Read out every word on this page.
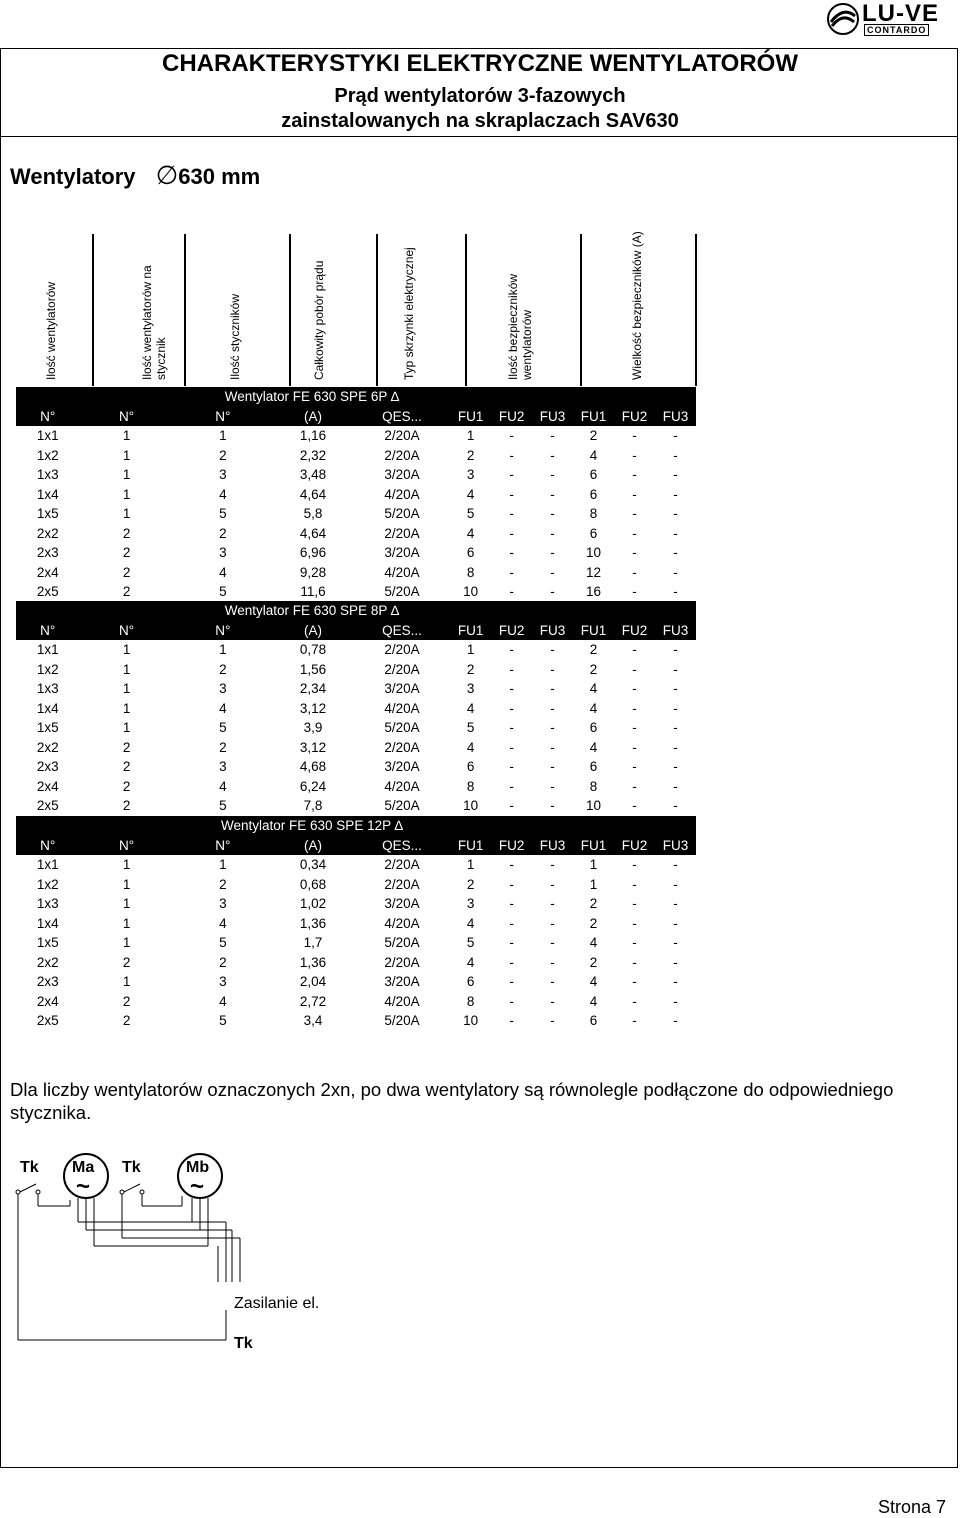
LU-VE
CONTARDO
CHARAKTERYSTYKI ELEKTRYCZNE WENTYLATORÓW
Prąd wentylatorów 3-fazowych
zainstalowanych na skraplaczach SAV630
Wentylatory ∅630 mm
Ilość wentylatorów	Ilość wentylatorów na stycznik	Ilość styczników	Całkowity pobór prądu	Typ skrzynki elektrycznej	Ilość bezpieczników wentylatorów	Wielkość bezpieczników (A)
		Wentylator FE 630 SPE 6P ∆								
N°	N°	N°	(A)	QES...	FU1	FU2	FU3	FU1	FU2	FU3
1x1	1	1	1,16	2/20A	1	-	-	2	-	-
1x2	1	2	2,32	2/20A	2	-	-	4	-	-
1x3	1	3	3,48	3/20A	3	-	-	6	-	-
1x4	1	4	4,64	4/20A	4	-	-	6	-	-
1x5	1	5	5,8	5/20A	5	-	-	8	-	-
2x2	2	2	4,64	2/20A	4	-	-	6	-	-
2x3	2	3	6,96	3/20A	6	-	-	10	-	-
2x4	2	4	9,28	4/20A	8	-	-	12	-	-
2x5	2	5	11,6	5/20A	10	-	-	16	-	-
		Wentylator FE 630 SPE 8P ∆								
N°	N°	N°	(A)	QES...	FU1	FU2	FU3	FU1	FU2	FU3
1x1	1	1	0,78	2/20A	1	-	-	2	-	-
1x2	1	2	1,56	2/20A	2	-	-	2	-	-
1x3	1	3	2,34	3/20A	3	-	-	4	-	-
1x4	1	4	3,12	4/20A	4	-	-	4	-	-
1x5	1	5	3,9	5/20A	5	-	-	6	-	-
2x2	2	2	3,12	2/20A	4	-	-	4	-	-
2x3	2	3	4,68	3/20A	6	-	-	6	-	-
2x4	2	4	6,24	4/20A	8	-	-	8	-	-
2x5	2	5	7,8	5/20A	10	-	-	10	-	-
		Wentylator FE 630 SPE 12P ∆								
N°	N°	N°	(A)	QES...	FU1	FU2	FU3	FU1	FU2	FU3
1x1	1	1	0,34	2/20A	1	-	-	1	-	-
1x2	1	2	0,68	2/20A	2	-	-	1	-	-
1x3	1	3	1,02	3/20A	3	-	-	2	-	-
1x4	1	4	1,36	4/20A	4	-	-	2	-	-
1x5	1	5	1,7	5/20A	5	-	-	4	-	-
2x2	2	2	1,36	2/20A	4	-	-	2	-	-
2x3	1	3	2,04	3/20A	6	-	-	4	-	-
2x4	2	4	2,72	4/20A	8	-	-	4	-	-
2x5	2	5	3,4	5/20A	10	-	-	6	-	-
Dla liczby wentylatorów oznaczonych 2xn, po dwa wentylatory są równolegle podłączone do odpowiedniego stycznika.
Tk	Tk
Ma
~
Mb
~
Zasilanie el.
Tk
Strona 7
